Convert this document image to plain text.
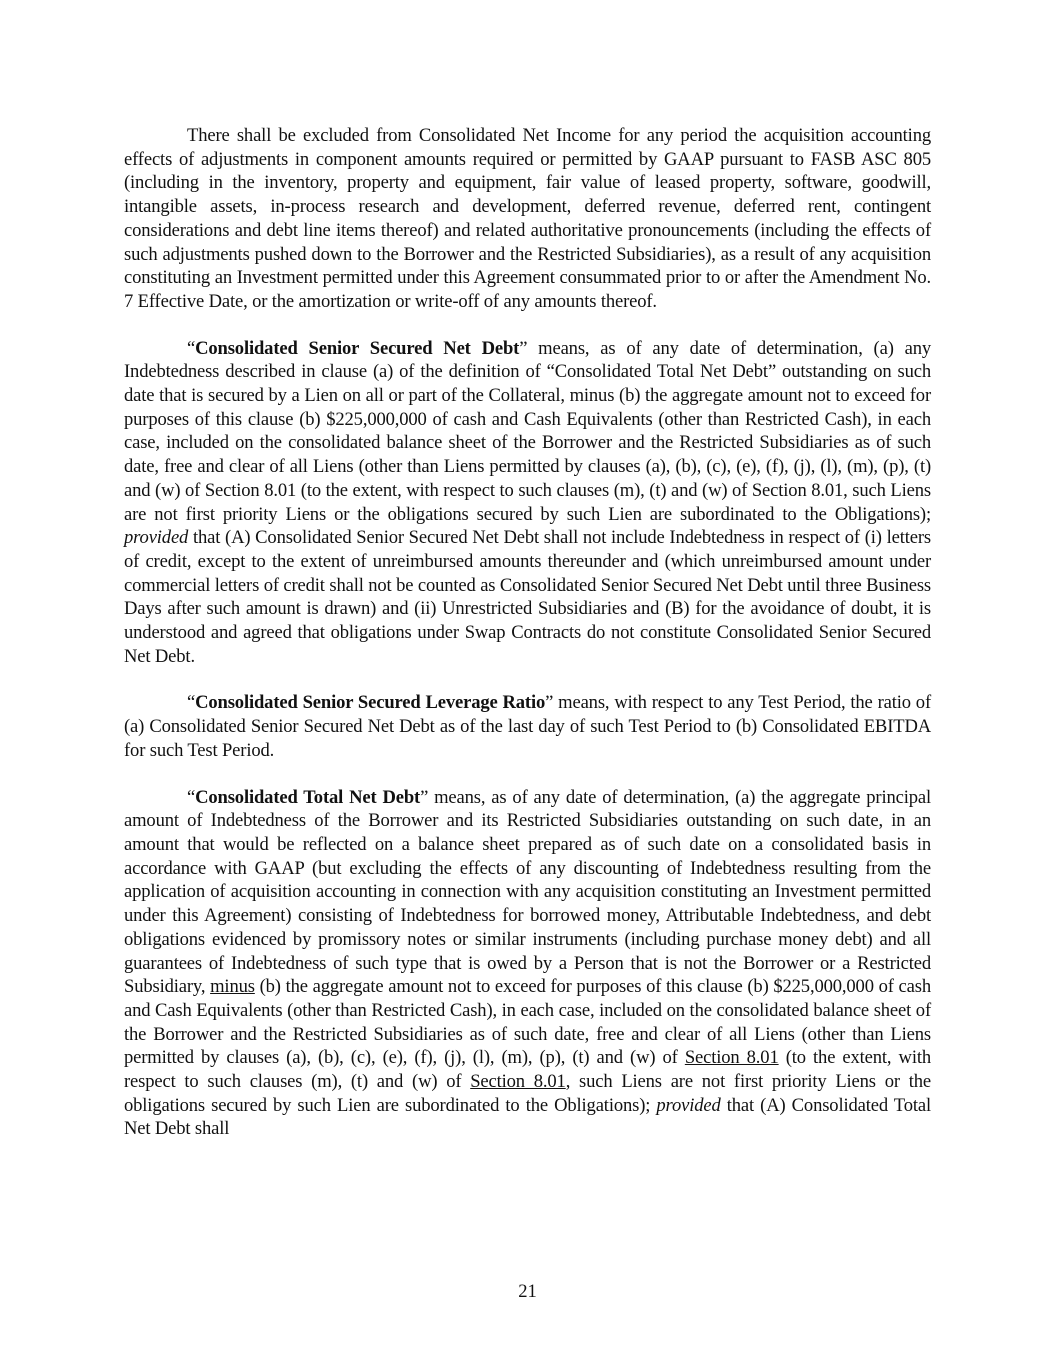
There shall be excluded from Consolidated Net Income for any period the acquisition accounting effects of adjustments in component amounts required or permitted by GAAP pursuant to FASB ASC 805 (including in the inventory, property and equipment, fair value of leased property, software, goodwill, intangible assets, in-process research and development, deferred revenue, deferred rent, contingent considerations and debt line items thereof) and related authoritative pronouncements (including the effects of such adjustments pushed down to the Borrower and the Restricted Subsidiaries), as a result of any acquisition constituting an Investment permitted under this Agreement consummated prior to or after the Amendment No. 7 Effective Date, or the amortization or write-off of any amounts thereof.

“Consolidated Senior Secured Net Debt” means, as of any date of determination, (a) any Indebtedness described in clause (a) of the definition of “Consolidated Total Net Debt” outstanding on such date that is secured by a Lien on all or part of the Collateral, minus (b) the aggregate amount not to exceed for purposes of this clause (b) $225,000,000 of cash and Cash Equivalents (other than Restricted Cash), in each case, included on the consolidated balance sheet of the Borrower and the Restricted Subsidiaries as of such date, free and clear of all Liens (other than Liens permitted by clauses (a), (b), (c), (e), (f), (j), (l), (m), (p), (t) and (w) of Section 8.01 (to the extent, with respect to such clauses (m), (t) and (w) of Section 8.01, such Liens are not first priority Liens or the obligations secured by such Lien are subordinated to the Obligations); provided that (A) Consolidated Senior Secured Net Debt shall not include Indebtedness in respect of (i) letters of credit, except to the extent of unreimbursed amounts thereunder and (which unreimbursed amount under commercial letters of credit shall not be counted as Consolidated Senior Secured Net Debt until three Business Days after such amount is drawn) and (ii) Unrestricted Subsidiaries and (B) for the avoidance of doubt, it is understood and agreed that obligations under Swap Contracts do not constitute Consolidated Senior Secured Net Debt.

“Consolidated Senior Secured Leverage Ratio” means, with respect to any Test Period, the ratio of (a) Consolidated Senior Secured Net Debt as of the last day of such Test Period to (b) Consolidated EBITDA for such Test Period.

“Consolidated Total Net Debt” means, as of any date of determination, (a) the aggregate principal amount of Indebtedness of the Borrower and its Restricted Subsidiaries outstanding on such date, in an amount that would be reflected on a balance sheet prepared as of such date on a consolidated basis in accordance with GAAP (but excluding the effects of any discounting of Indebtedness resulting from the application of acquisition accounting in connection with any acquisition constituting an Investment permitted under this Agreement) consisting of Indebtedness for borrowed money, Attributable Indebtedness, and debt obligations evidenced by promissory notes or similar instruments (including purchase money debt) and all guarantees of Indebtedness of such type that is owed by a Person that is not the Borrower or a Restricted Subsidiary, minus (b) the aggregate amount not to exceed for purposes of this clause (b) $225,000,000 of cash and Cash Equivalents (other than Restricted Cash), in each case, included on the consolidated balance sheet of the Borrower and the Restricted Subsidiaries as of such date, free and clear of all Liens (other than Liens permitted by clauses (a), (b), (c), (e), (f), (j), (l), (m), (p), (t) and (w) of Section 8.01 (to the extent, with respect to such clauses (m), (t) and (w) of Section 8.01, such Liens are not first priority Liens or the obligations secured by such Lien are subordinated to the Obligations); provided that (A) Consolidated Total Net Debt shall

21
